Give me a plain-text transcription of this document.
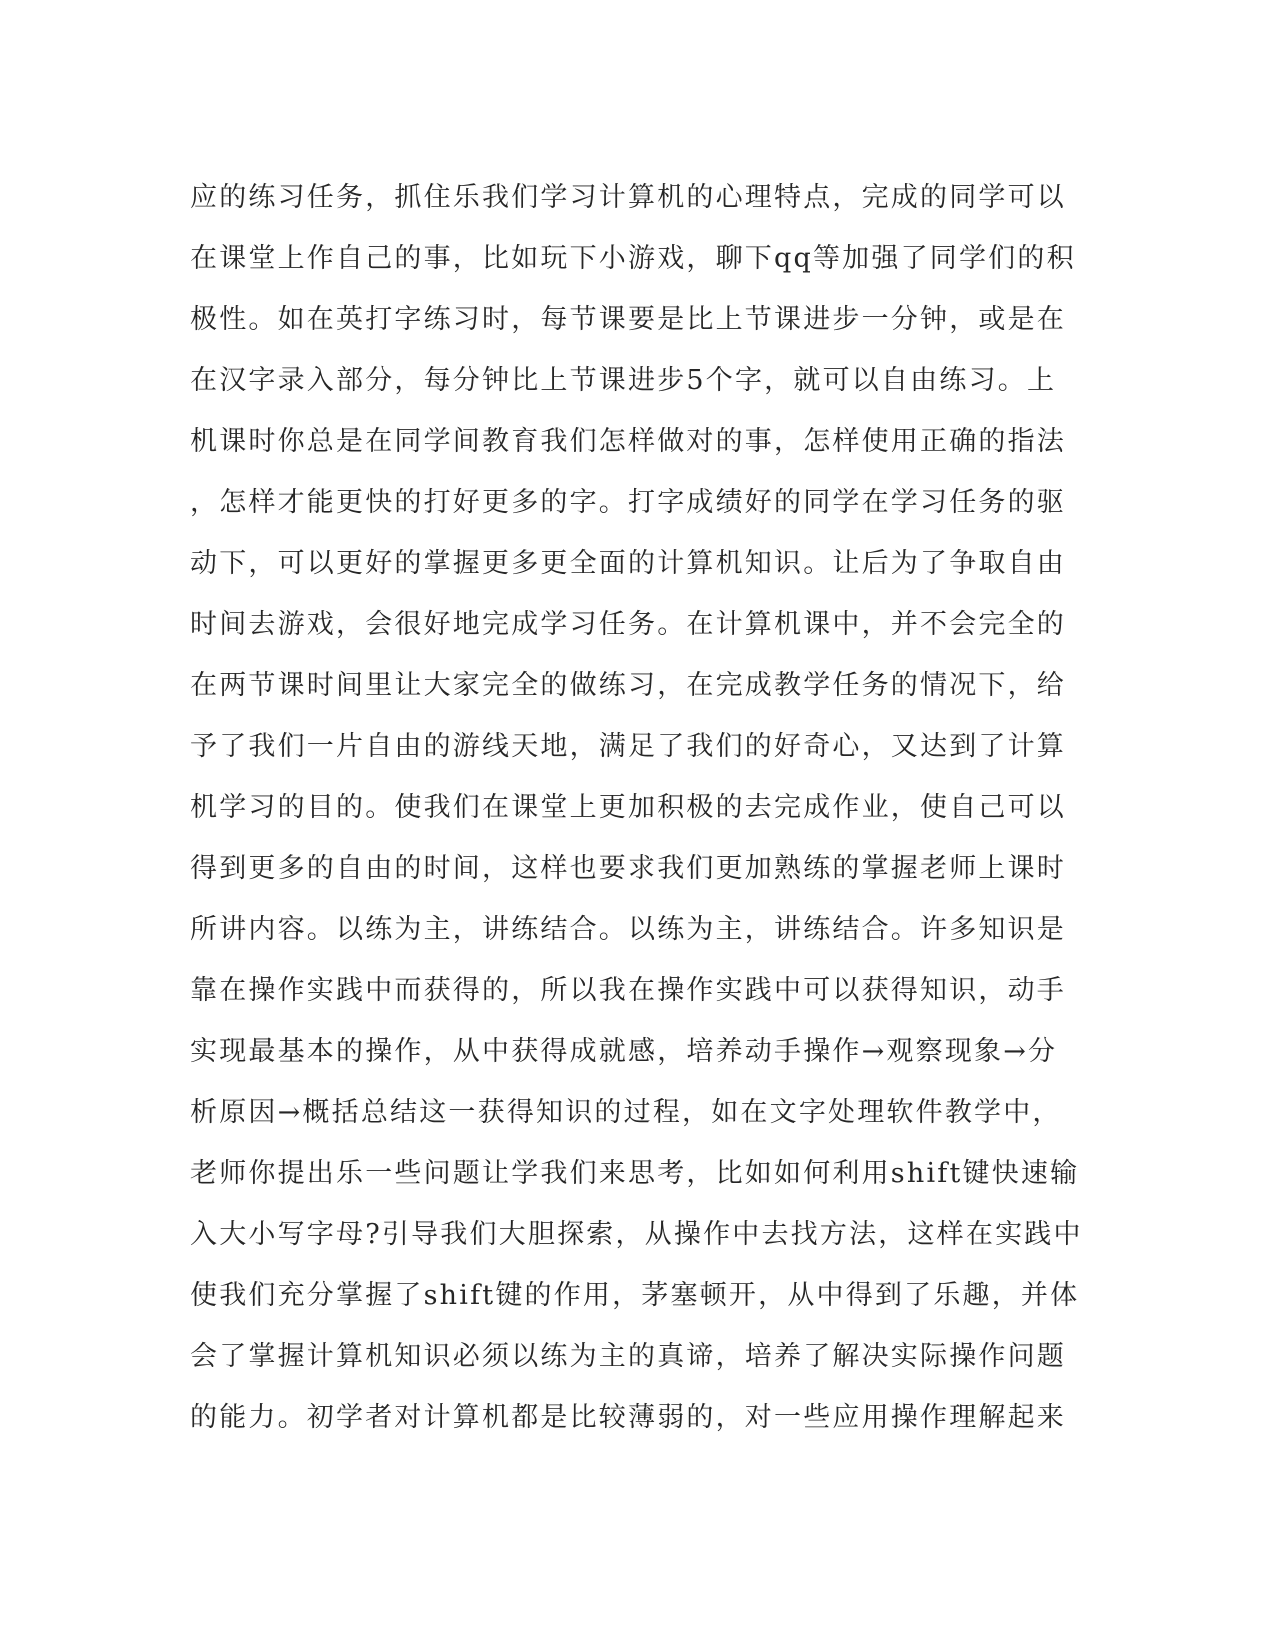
应的练习任务，抓住乐我们学习计算机的心理特点，完成的同学可以
在课堂上作自己的事，比如玩下小游戏，聊下qq等加强了同学们的积
极性。如在英打字练习时，每节课要是比上节课进步一分钟，或是在
在汉字录入部分，每分钟比上节课进步5个字，就可以自由练习。上
机课时你总是在同学间教育我们怎样做对的事，怎样使用正确的指法
，怎样才能更快的打好更多的字。打字成绩好的同学在学习任务的驱
动下，可以更好的掌握更多更全面的计算机知识。让后为了争取自由
时间去游戏，会很好地完成学习任务。在计算机课中，并不会完全的
在两节课时间里让大家完全的做练习，在完成教学任务的情况下，给
予了我们一片自由的游线天地，满足了我们的好奇心，又达到了计算
机学习的目的。使我们在课堂上更加积极的去完成作业，使自己可以
得到更多的自由的时间，这样也要求我们更加熟练的掌握老师上课时
所讲内容。以练为主，讲练结合。以练为主，讲练结合。许多知识是
靠在操作实践中而获得的，所以我在操作实践中可以获得知识，动手
实现最基本的操作，从中获得成就感，培养动手操作→观察现象→分
析原因→概括总结这一获得知识的过程，如在文字处理软件教学中，
老师你提出乐一些问题让学我们来思考，比如如何利用shift键快速输
入大小写字母?引导我们大胆探索，从操作中去找方法，这样在实践中
使我们充分掌握了shift键的作用，茅塞顿开，从中得到了乐趣，并体
会了掌握计算机知识必须以练为主的真谛，培养了解决实际操作问题
的能力。初学者对计算机都是比较薄弱的，对一些应用操作理解起来
